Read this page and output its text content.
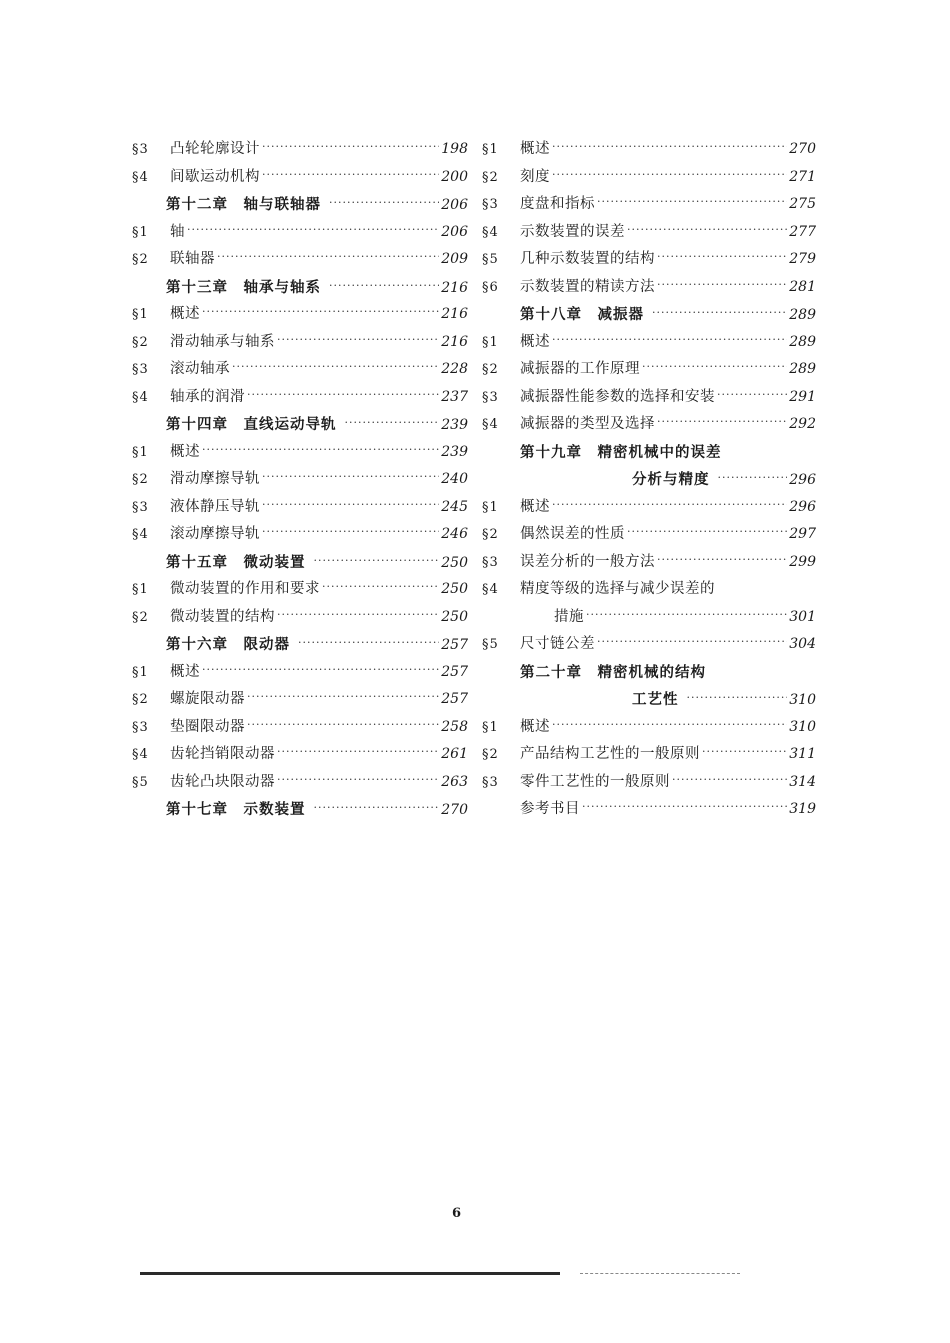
§3	凸轮轮廓设计 ·····	198
§4	间歇运动机构 ·····	200
第十二章　轴与联轴器 ·····	206
§1	轴 ·····	206
§2	联轴器 ·····	209
第十三章　轴承与轴系 ·····	216
§1	概述 ·····	216
§2	滑动轴承与轴系 ·····	216
§3	滚动轴承 ·····	228
§4	轴承的润滑 ·····	237
第十四章　直线运动导轨 ·····	239
§1	概述 ·····	239
§2	滑动摩擦导轨 ·····	240
§3	液体静压导轨 ·····	245
§4	滚动摩擦导轨 ·····	246
第十五章　微动装置 ·····	250
§1	微动装置的作用和要求 ·····	250
§2	微动装置的结构 ·····	250
第十六章　限动器 ·····	257
§1	概述 ·····	257
§2	螺旋限动器 ·····	257
§3	垫圈限动器 ·····	258
§4	齿轮挡销限动器 ·····	261
§5	齿轮凸块限动器 ·····	263
第十七章　示数装置 ·····	270
§1	概述 ·····	270
§2	刻度 ·····	271
§3	度盘和指标 ·····	275
§4	示数装置的误差 ·····	277
§5	几种示数装置的结构 ·····	279
§6	示数装置的精读方法 ·····	281
第十八章　减振器 ·····	289
§1	概述 ·····	289
§2	减振器的工作原理 ·····	289
§3	减振器性能参数的选择和安装 ·····	291
§4	减振器的类型及选择 ·····	292
第十九章　精密机械中的误差
分析与精度 ·····	296
§1	概述 ·····	296
§2	偶然误差的性质 ·····	297
§3	误差分析的一般方法 ·····	299
§4	精度等级的选择与减少误差的
措施 ·····	301
§5	尺寸链公差 ·····	304
第二十章　精密机械的结构
工艺性 ·····	310
§1	概述 ·····	310
§2	产品结构工艺性的一般原则 ·····	311
§3	零件工艺性的一般原则 ·····	314
参考书目 ·····	319
6
